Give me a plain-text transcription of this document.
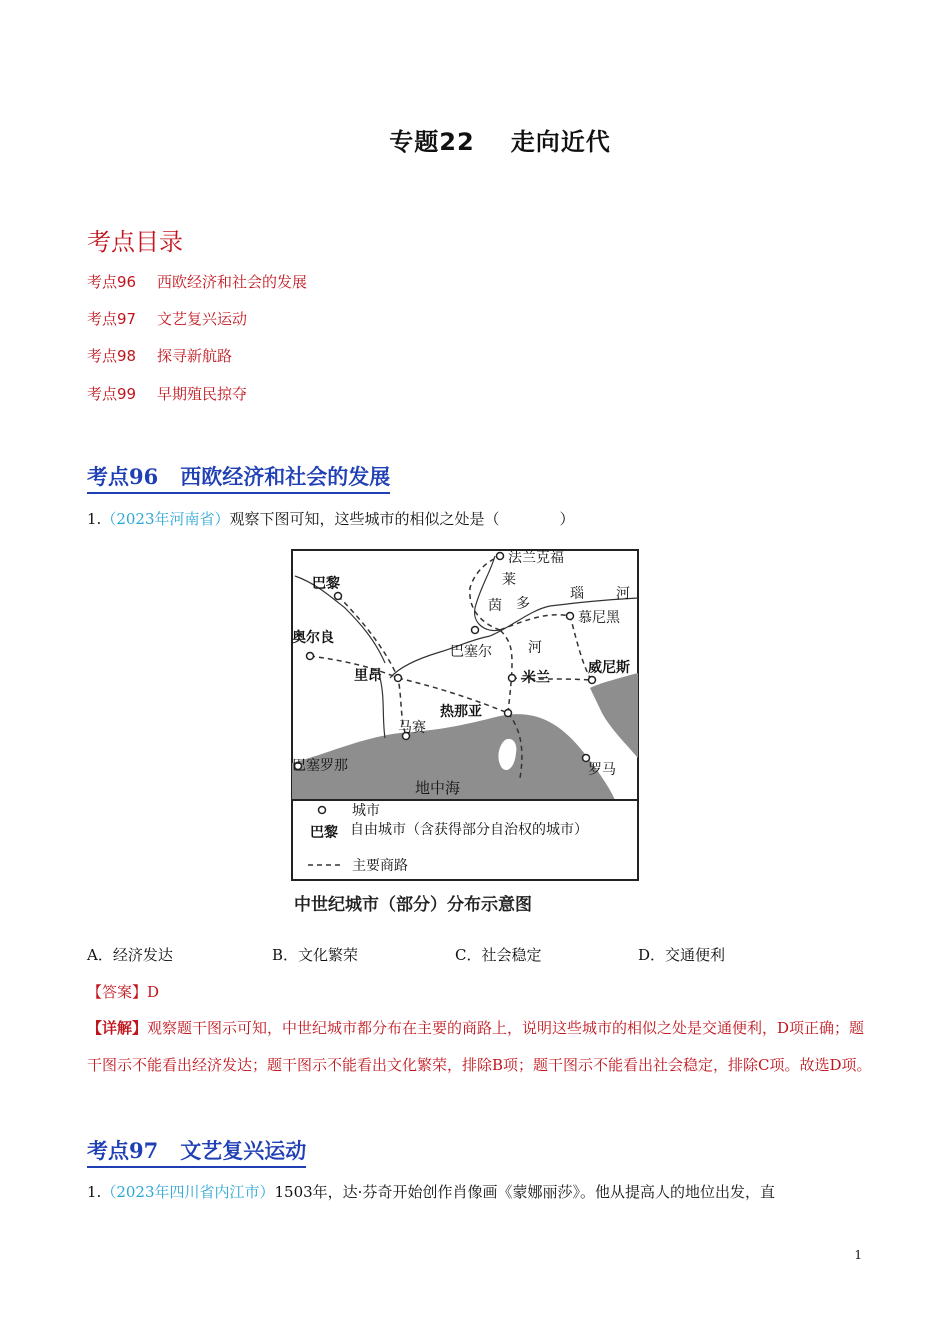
专题22 走向近代
考点目录
考点96 西欧经济和社会的发展
考点97 文艺复兴运动
考点98 探寻新航路
考点99 早期殖民掠夺
考点96 西欧经济和社会的发展
1.（2023年河南省）观察下图可知，这些城市的相似之处是（　　　　）
法兰克福
巴黎
奥尔良
慕尼黑
巴塞尔
里昂	米兰
威尼斯
热那亚
马赛
巴塞罗那	罗马
莱
茵 多
瑙 河
河
地中海
城市
巴黎 自由城市（含获得部分自治权的城市）
主要商路
中世纪城市（部分）分布示意图
A．经济发达	B．文化繁荣	C．社会稳定	D．交通便利
【答案】D
【详解】观察题干图示可知，中世纪城市都分布在主要的商路上，说明这些城市的相似之处是交通便利，D项正确；题干图示不能看出经济发达；题干图示不能看出文化繁荣，排除B项；题干图示不能看出社会稳定，排除C项。故选D项。
考点97 文艺复兴运动
1.（2023年四川省内江市）1503年，达·芬奇开始创作肖像画《蒙娜丽莎》。他从提高人的地位出发，直
1
